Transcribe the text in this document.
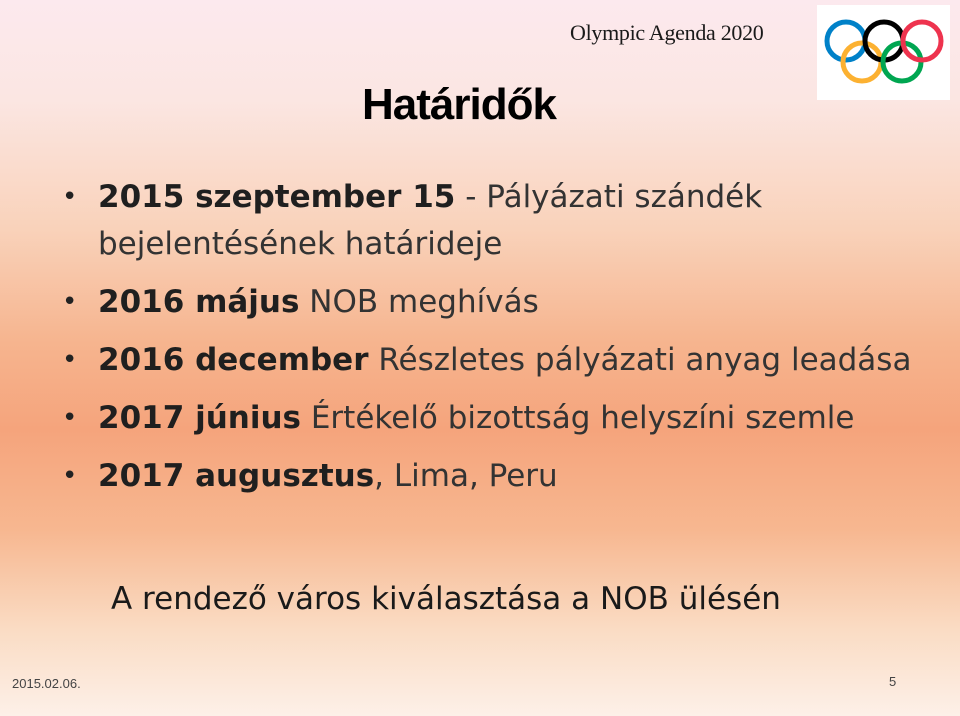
Olympic Agenda 2020
Határidők
• 2015 szeptember 15 - Pályázati szándék bejelentésének határideje
• 2016 május NOB meghívás
• 2016 december Részletes pályázati anyag leadása
• 2017 június Értékelő bizottság helyszíni szemle
• 2017 augusztus, Lima, Peru
A rendező város kiválasztása a NOB ülésén
2015.02.06.	5
